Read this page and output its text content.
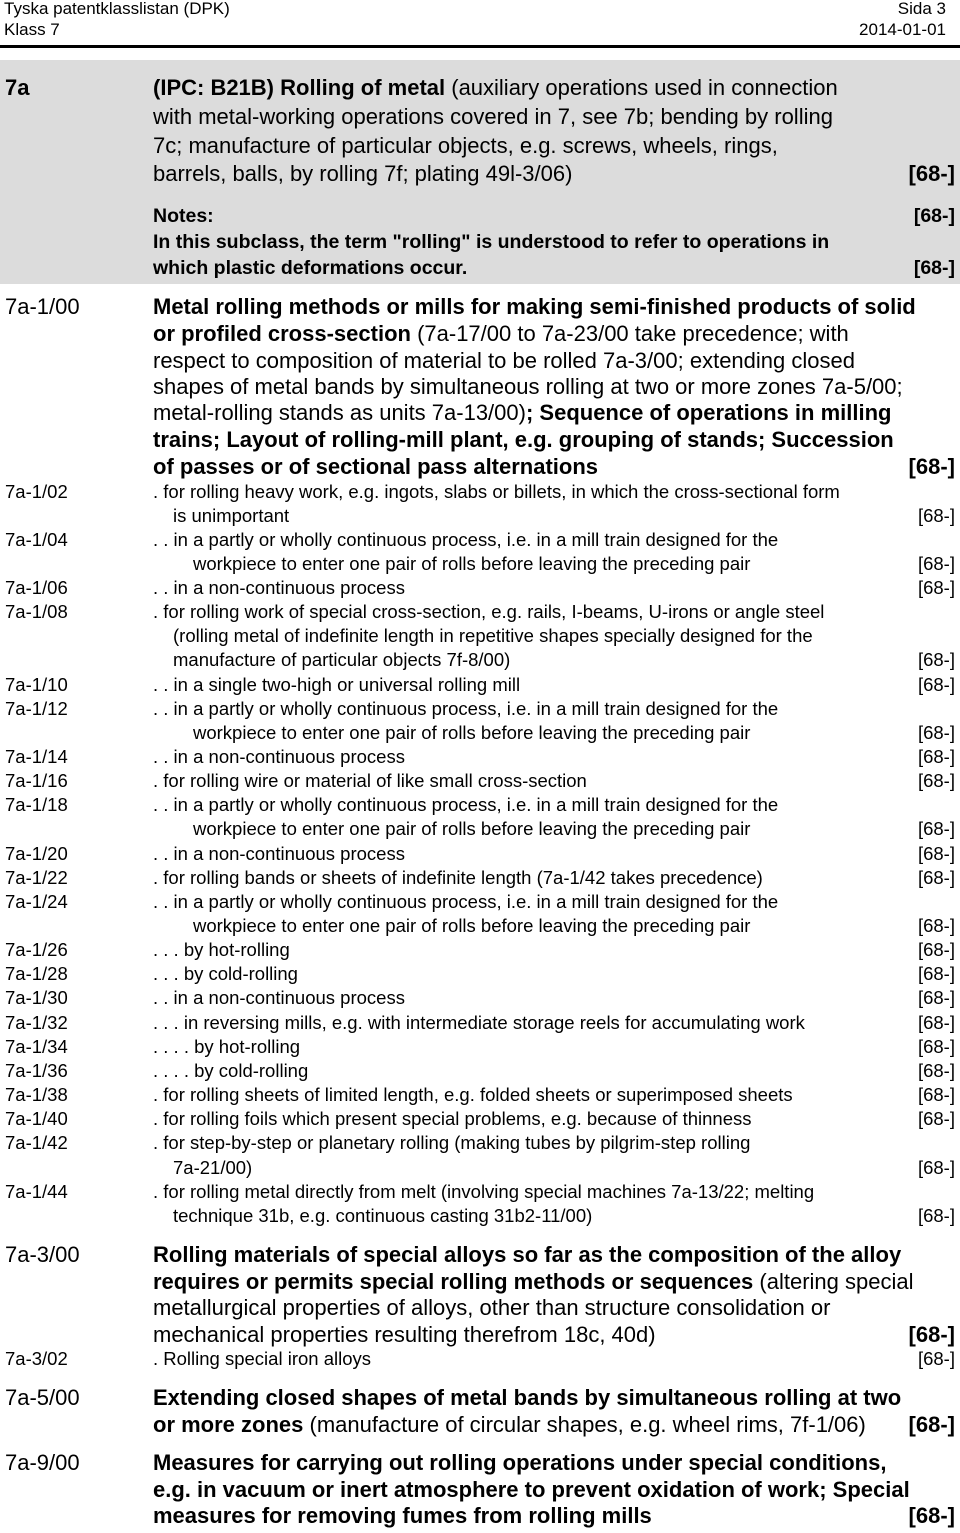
Tyska patentklasslistan (DPK)
Klass 7
Sida 3
2014-01-01
7a	(IPC: B21B) Rolling of metal (auxiliary operations used in connection
with metal-working operations covered in 7, see 7b; bending by rolling
7c; manufacture of particular objects, e.g. screws, wheels, rings,
barrels, balls, by rolling 7f; plating 49l-3/06)	[68-]
Notes:	[68-]
In this subclass, the term "rolling" is understood to refer to operations in
which plastic deformations occur.	[68-]
7a-1/00	Metal rolling methods or mills for making semi-finished products of solid
or profiled cross-section (7a-17/00 to 7a-23/00 take precedence; with
respect to composition of material to be rolled 7a-3/00; extending closed
shapes of metal bands by simultaneous rolling at two or more zones 7a-5/00;
metal-rolling stands as units 7a-13/00); Sequence of operations in milling
trains; Layout of rolling-mill plant, e.g. grouping of stands; Succession
of passes or of sectional pass alternations	[68-]
7a-1/02	. for rolling heavy work, e.g. ingots, slabs or billets, in which the cross-sectional form
is unimportant	[68-]
7a-1/04	. . in a partly or wholly continuous process, i.e. in a mill train designed for the
workpiece to enter one pair of rolls before leaving the preceding pair	[68-]
7a-1/06	. . in a non-continuous process	[68-]
7a-1/08	. for rolling work of special cross-section, e.g. rails, I-beams, U-irons or angle steel
(rolling metal of indefinite length in repetitive shapes specially designed for the
manufacture of particular objects 7f-8/00)	[68-]
7a-1/10	. . in a single two-high or universal rolling mill	[68-]
7a-1/12	. . in a partly or wholly continuous process, i.e. in a mill train designed for the
workpiece to enter one pair of rolls before leaving the preceding pair	[68-]
7a-1/14	. . in a non-continuous process	[68-]
7a-1/16	. for rolling wire or material of like small cross-section	[68-]
7a-1/18	. . in a partly or wholly continuous process, i.e. in a mill train designed for the
workpiece to enter one pair of rolls before leaving the preceding pair	[68-]
7a-1/20	. . in a non-continuous process	[68-]
7a-1/22	. for rolling bands or sheets of indefinite length (7a-1/42 takes precedence)	[68-]
7a-1/24	. . in a partly or wholly continuous process, i.e. in a mill train designed for the
workpiece to enter one pair of rolls before leaving the preceding pair	[68-]
7a-1/26	. . . by hot-rolling	[68-]
7a-1/28	. . . by cold-rolling	[68-]
7a-1/30	. . in a non-continuous process	[68-]
7a-1/32	. . . in reversing mills, e.g. with intermediate storage reels for accumulating work	[68-]
7a-1/34	. . . . by hot-rolling	[68-]
7a-1/36	. . . . by cold-rolling	[68-]
7a-1/38	. for rolling sheets of limited length, e.g. folded sheets or superimposed sheets	[68-]
7a-1/40	. for rolling foils which present special problems, e.g. because of thinness	[68-]
7a-1/42	. for step-by-step or planetary rolling (making tubes by pilgrim-step rolling
7a-21/00)	[68-]
7a-1/44	. for rolling metal directly from melt (involving special machines 7a-13/22; melting
technique 31b, e.g. continuous casting 31b2-11/00)	[68-]
7a-3/00	Rolling materials of special alloys so far as the composition of the alloy
requires or permits special rolling methods or sequences (altering special
metallurgical properties of alloys, other than structure consolidation or
mechanical properties resulting therefrom 18c, 40d)	[68-]
7a-3/02	. Rolling special iron alloys	[68-]
7a-5/00	Extending closed shapes of metal bands by simultaneous rolling at two
or more zones (manufacture of circular shapes, e.g. wheel rims, 7f-1/06) [68-]
7a-9/00	Measures for carrying out rolling operations under special conditions,
e.g. in vacuum or inert atmosphere to prevent oxidation of work; Special
measures for removing fumes from rolling mills	[68-]
